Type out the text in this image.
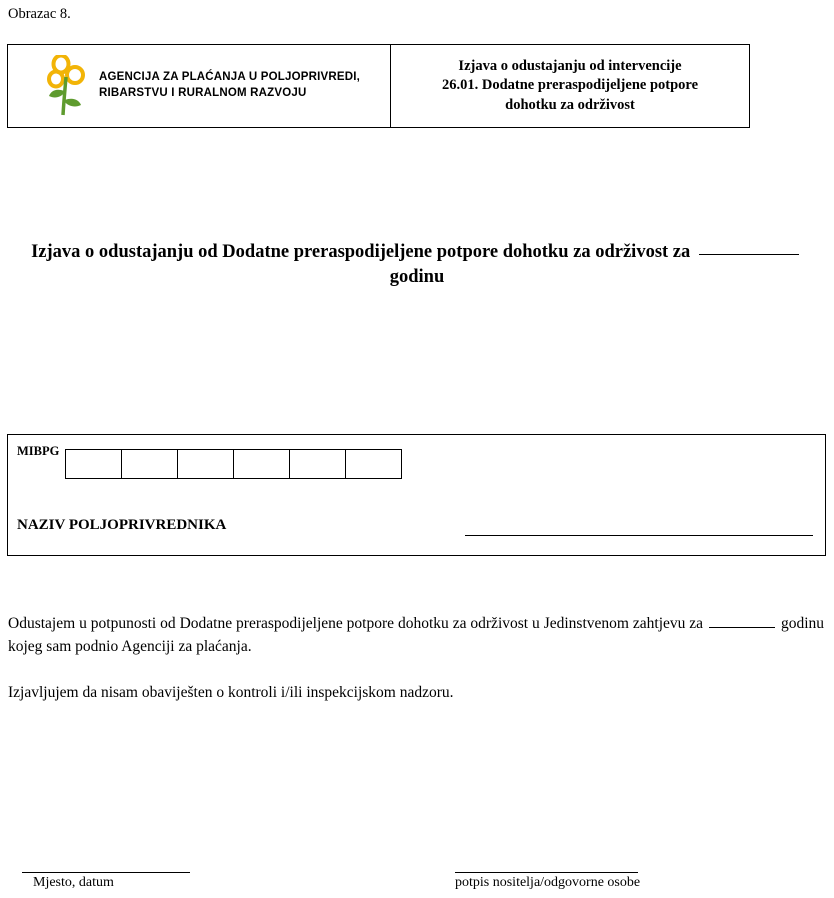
Obrazac 8.
AGENCIJA ZA PLAĆANJA U POLJOPRIVREDI,
RIBARSTVU I RURALNOM RAZVOJU
Izjava o odustajanju od intervencije
26.01. Dodatne preraspodijeljene potpore
dohotku za održivost
Izjava o odustajanju od Dodatne preraspodijeljene potpore dohotku za održivost za  godinu
MIBPG
NAZIV POLJOPRIVREDNIKA
Odustajem u potpunosti od Dodatne preraspodijeljene potpore dohotku za održivost u Jedinstvenom zahtjevu za	godinu kojeg sam podnio Agenciji za plaćanja.
Izjavljujem da nisam obaviješten o kontroli i/ili inspekcijskom nadzoru.
Mjesto, datum	potpis nositelja/odgovorne osobe
